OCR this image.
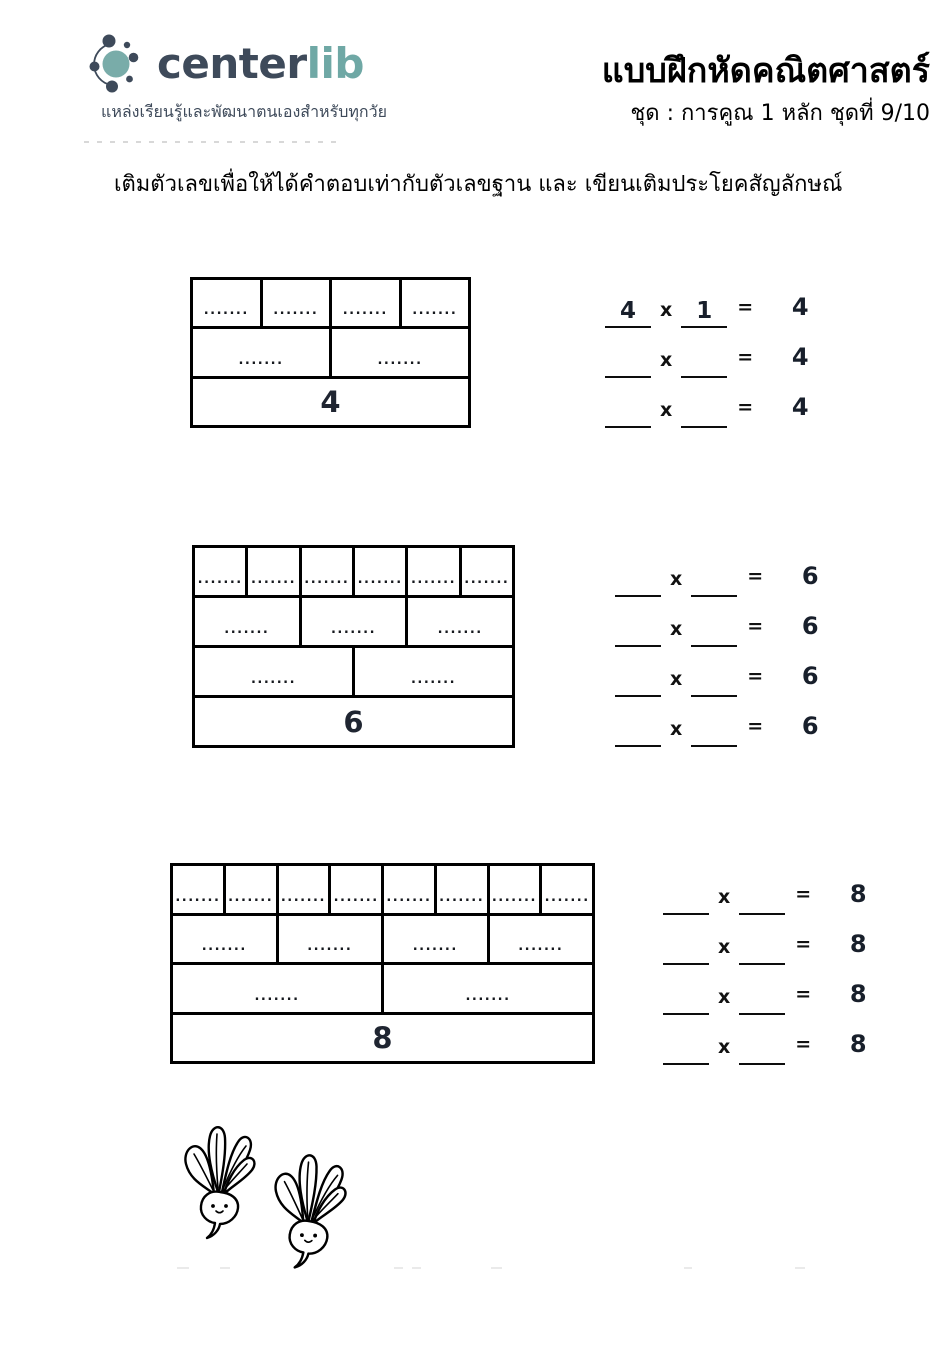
centerlib
แหล่งเรียนรู้และพัฒนาตนเองสำหรับทุกวัย
แบบฝึกหัดคณิตศาสตร์
ชุด : การคูณ 1 หลัก ชุดที่ 9/10
เติมตัวเลขเพื่อให้ได้คำตอบเท่ากับตัวเลขฐาน และ เขียนเติมประโยคสัญลักษณ์
.......	.......	.......	.......
.......	.......
4
4	x	1	=	4
x	=	4
x	=	4
....... ....... ....... ....... ....... .......
.......	.......	.......
.......	.......
6
x	=	6
x	=	6
x	=	6
x	=	6
....... ....... ....... ....... ....... ....... ....... .......
.......	.......	.......	.......
.......	.......
8
x	=	8
x	=	8
x	=	8
x	=	8
